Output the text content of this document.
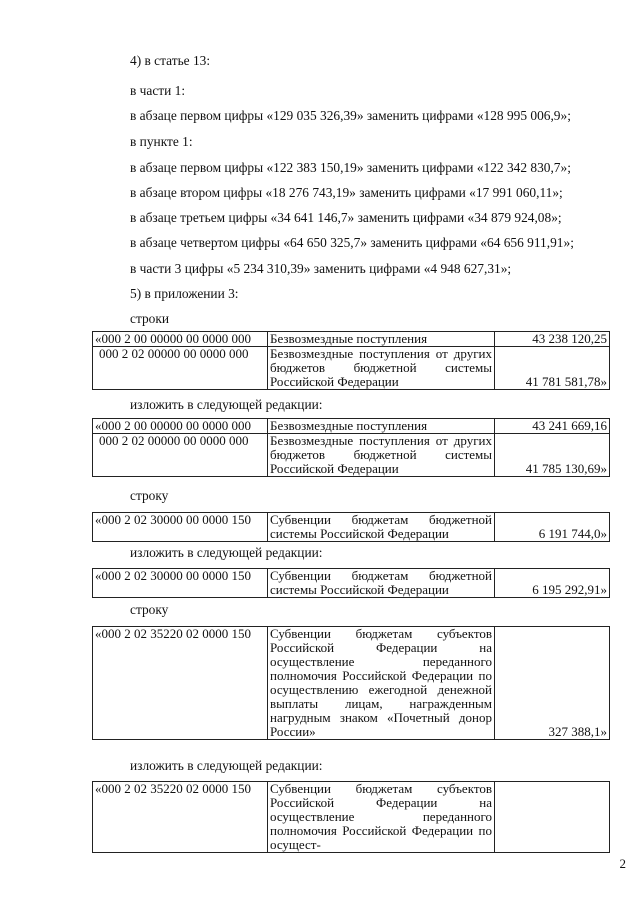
4) в статье 13:
в части 1:
в абзаце первом цифры «129 035 326,39» заменить цифрами «128 995 006,9»;
в пункте 1:
в абзаце первом цифры «122 383 150,19» заменить цифрами «122 342 830,7»;
в абзаце втором цифры «18 276 743,19» заменить цифрами «17 991 060,11»;
в абзаце третьем цифры «34 641 146,7» заменить цифрами «34 879 924,08»;
в абзаце четвертом цифры «64 650 325,7» заменить цифрами «64 656 911,91»;
в части 3 цифры «5 234 310,39» заменить цифрами «4 948 627,31»;
5) в приложении 3:
строки
«000 2 00 00000 00 0000 000	Безвозмездные поступления	43 238 120,25
000 2 02 00000 00 0000 000	Безвозмездные поступления от других бюджетов бюджетной системы
Российской Федерации	41 781 581,78»
изложить в следующей редакции:
«000 2 00 00000 00 0000 000	Безвозмездные поступления	43 241 669,16
000 2 02 00000 00 0000 000	Безвозмездные поступления от других бюджетов бюджетной системы
Российской Федерации	41 785 130,69»
строку
«000 2 02 30000 00 0000 150	Субвенции бюджетам бюджетной
системы Российской Федерации	6 191 744,0»
изложить в следующей редакции:
«000 2 02 30000 00 0000 150	Субвенции бюджетам бюджетной
системы Российской Федерации	6 195 292,91»
строку
«000 2 02 35220 02 0000 150	Субвенции бюджетам субъектов Российской Федерации на осуществление переданного полномочия Российской Федерации по осуществлению ежегодной денежной выплаты лицам, награжденным нагрудным знаком «Почетный донор
России»	327 388,1»
изложить в следующей редакции:
«000 2 02 35220 02 0000 150	Субвенции бюджетам субъектов Российской Федерации на осуществление переданного полномочия Российской Федерации по осущест-	
2
